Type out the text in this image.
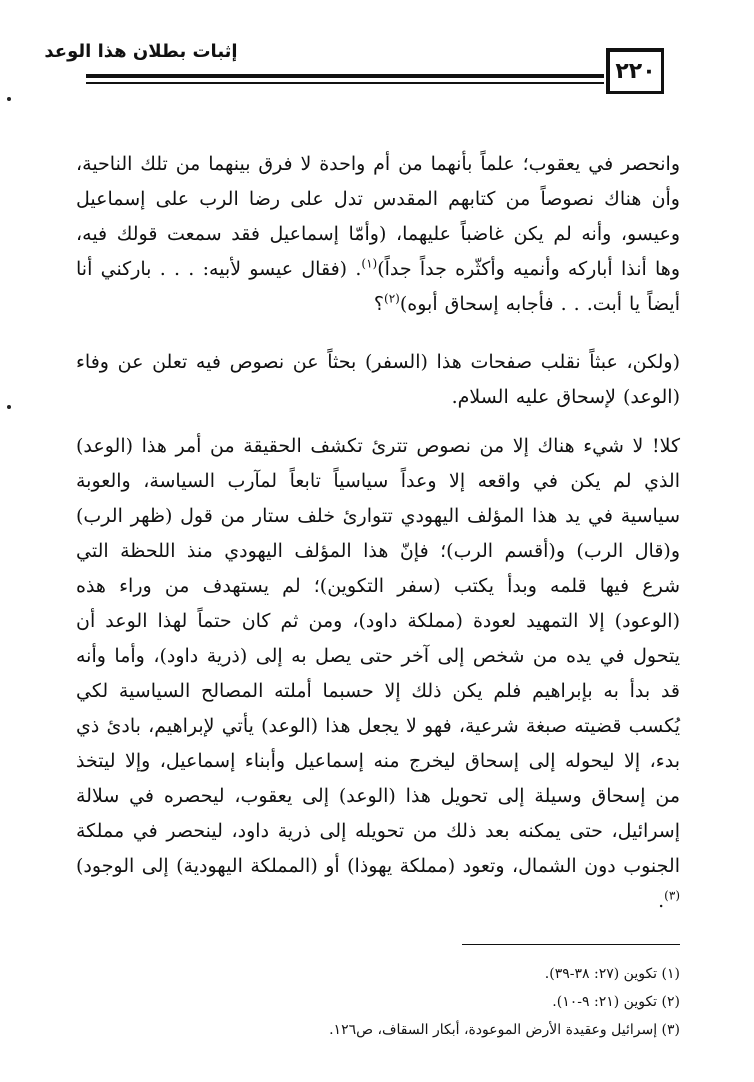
إثبات بطلان هذا الوعد
٢٢٠

وانحصر في يعقوب؛ علماً بأنهما من أم واحدة لا فرق بينهما من تلك الناحية، وأن هناك نصوصاً من كتابهم المقدس تدل على رضا الرب على إسماعيل وعيسو، وأنه لم يكن غاضباً عليهما، (وأمّا إسماعيل فقد سمعت قولك فيه، وها أنذا أباركه وأنميه وأكثّره جداً جداً)$^{(١)}$. (فقال عيسو لأبيه: . . . باركني أنا أيضاً يا أبت. . . فأجابه إسحاق أبوه)$^{(٢)}$؟

(ولكن، عبثاً نقلب صفحات هذا (السفر) بحثاً عن نصوص فيه تعلن عن وفاء (الوعد) لإسحاق عليه السلام.

كلا! لا شيء هناك إلا من نصوص تترئ تكشف الحقيقة من أمر هذا (الوعد) الذي لم يكن في واقعه إلا وعداً سياسياً تابعاً لمآرب السياسة، والعوبة سياسية في يد هذا المؤلف اليهودي تتوارئ خلف ستار من قول (ظهر الرب) و(قال الرب) و(أقسم الرب)؛ فإنّ هذا المؤلف اليهودي منذ اللحظة التي شرع فيها قلمه وبدأ يكتب (سفر التكوين)؛ لم يستهدف من وراء هذه (الوعود) إلا التمهيد لعودة (مملكة داود)، ومن ثم كان حتماً لهذا الوعد أن يتحول في يده من شخص إلى آخر حتى يصل به إلى (ذرية داود)، وأما وأنه قد بدأ به بإبراهيم فلم يكن ذلك إلا حسبما أملته المصالح السياسية لكي يُكسب قضيته صبغة شرعية، فهو لا يجعل هذا (الوعد) يأتي لإبراهيم، بادئ ذي بدء، إلا ليحوله إلى إسحاق ليخرج منه إسماعيل وأبناء إسماعيل، وإلا ليتخذ من إسحاق وسيلة إلى تحويل هذا (الوعد) إلى يعقوب، ليحصره في سلالة إسرائيل، حتى يمكنه بعد ذلك من تحويله إلى ذرية داود، لينحصر في مملكة الجنوب دون الشمال، وتعود (مملكة يهوذا) أو (المملكة اليهودية) إلى الوجود)$^{(٣)}$.

(١) تكوين (٢٧: ٣٨-٣٩).
(٢) تكوين (٢١: ٩-١٠).
(٣) إسرائيل وعقيدة الأرض الموعودة، أبكار السقاف، ص١٢٦.
